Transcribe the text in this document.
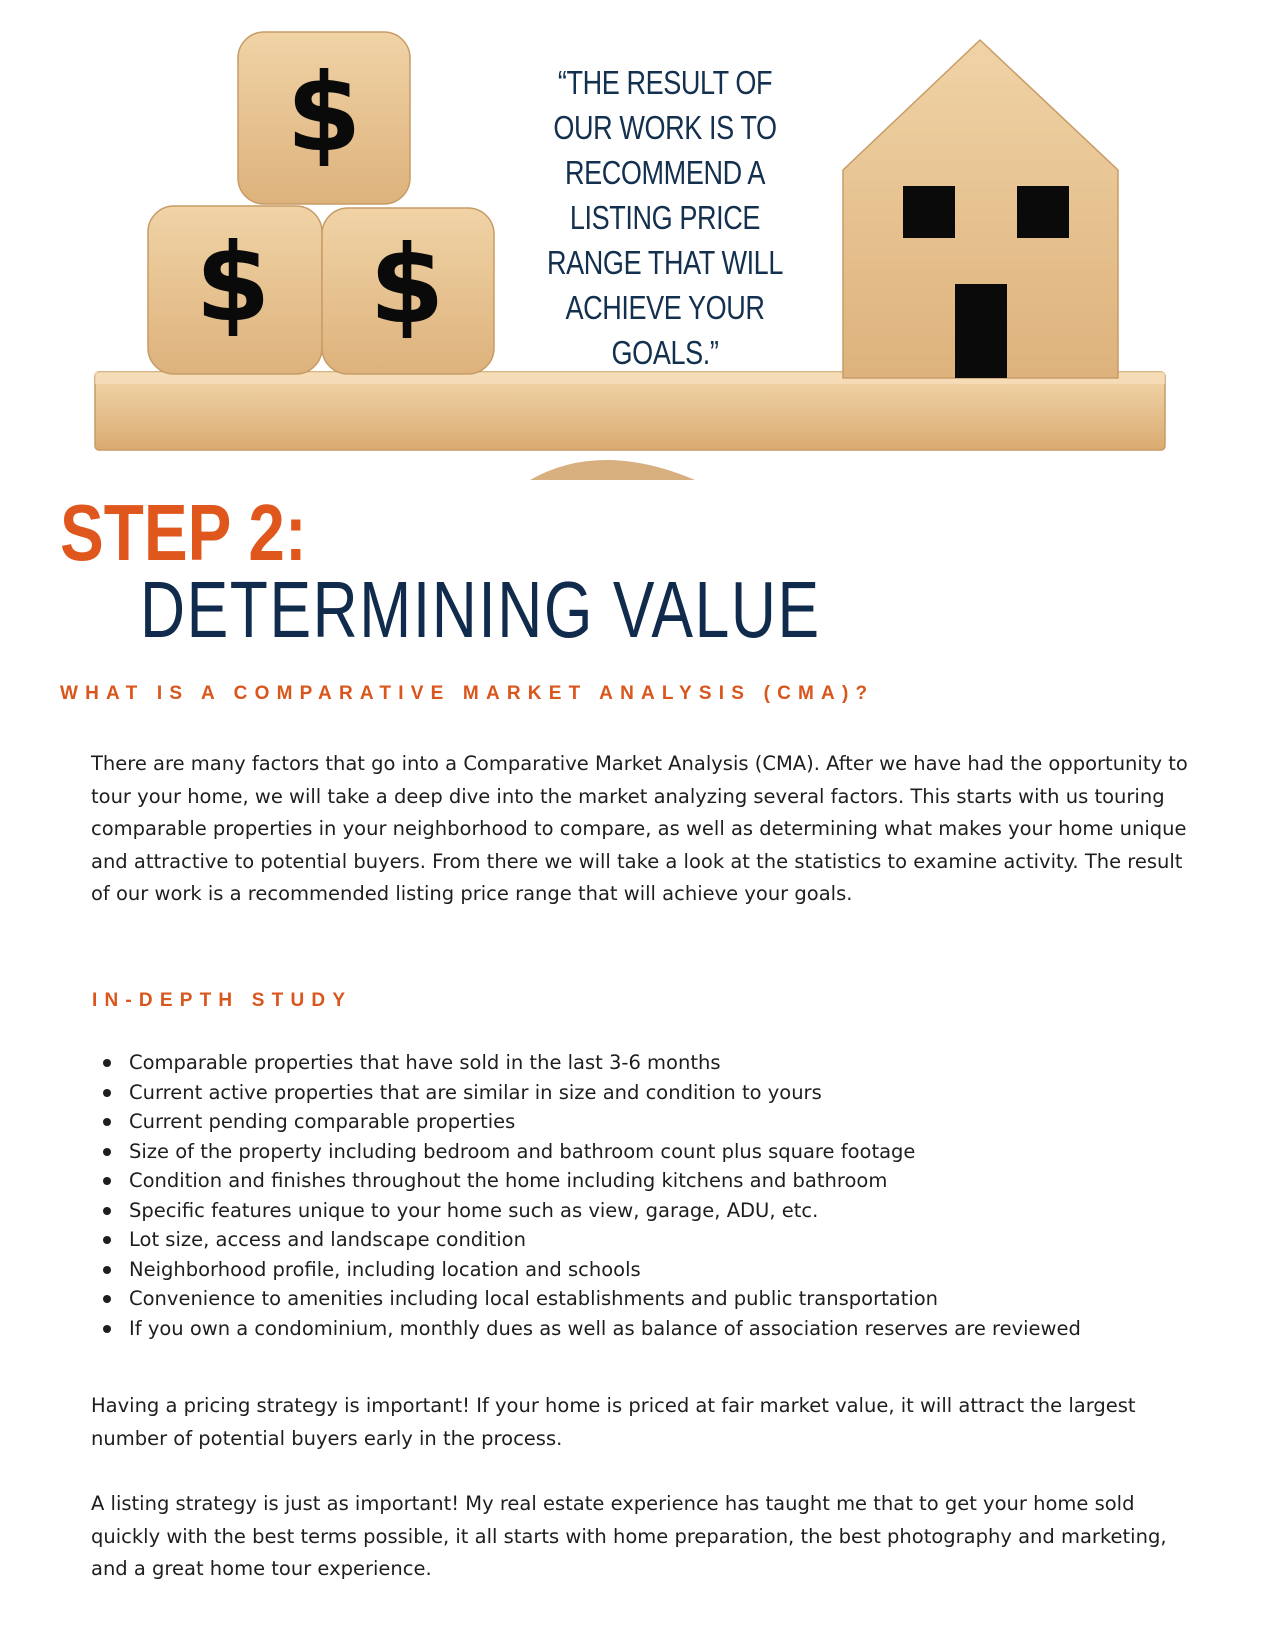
$
$ $
“THE RESULT OF OUR WORK IS TO RECOMMEND A LISTING PRICE RANGE THAT WILL ACHIEVE YOUR GOALS.”
STEP 2:
DETERMINING VALUE
WHAT IS A COMPARATIVE MARKET ANALYSIS (CMA)?
There are many factors that go into a Comparative Market Analysis (CMA). After we have had the opportunity to tour your home, we will take a deep dive into the market analyzing several factors. This starts with us touring comparable properties in your neighborhood to compare, as well as determining what makes your home unique and attractive to potential buyers. From there we will take a look at the statistics to examine activity. The result of our work is a recommended listing price range that will achieve your goals.
IN-DEPTH STUDY
Comparable properties that have sold in the last 3-6 months
Current active properties that are similar in size and condition to yours
Current pending comparable properties
Size of the property including bedroom and bathroom count plus square footage
Condition and finishes throughout the home including kitchens and bathroom
Specific features unique to your home such as view, garage, ADU, etc.
Lot size, access and landscape condition
Neighborhood profile, including location and schools
Convenience to amenities including local establishments and public transportation
If you own a condominium, monthly dues as well as balance of association reserves are reviewed
Having a pricing strategy is important! If your home is priced at fair market value, it will attract the largest number of potential buyers early in the process.
A listing strategy is just as important! My real estate experience has taught me that to get your home sold quickly with the best terms possible, it all starts with home preparation, the best photography and marketing, and a great home tour experience.
